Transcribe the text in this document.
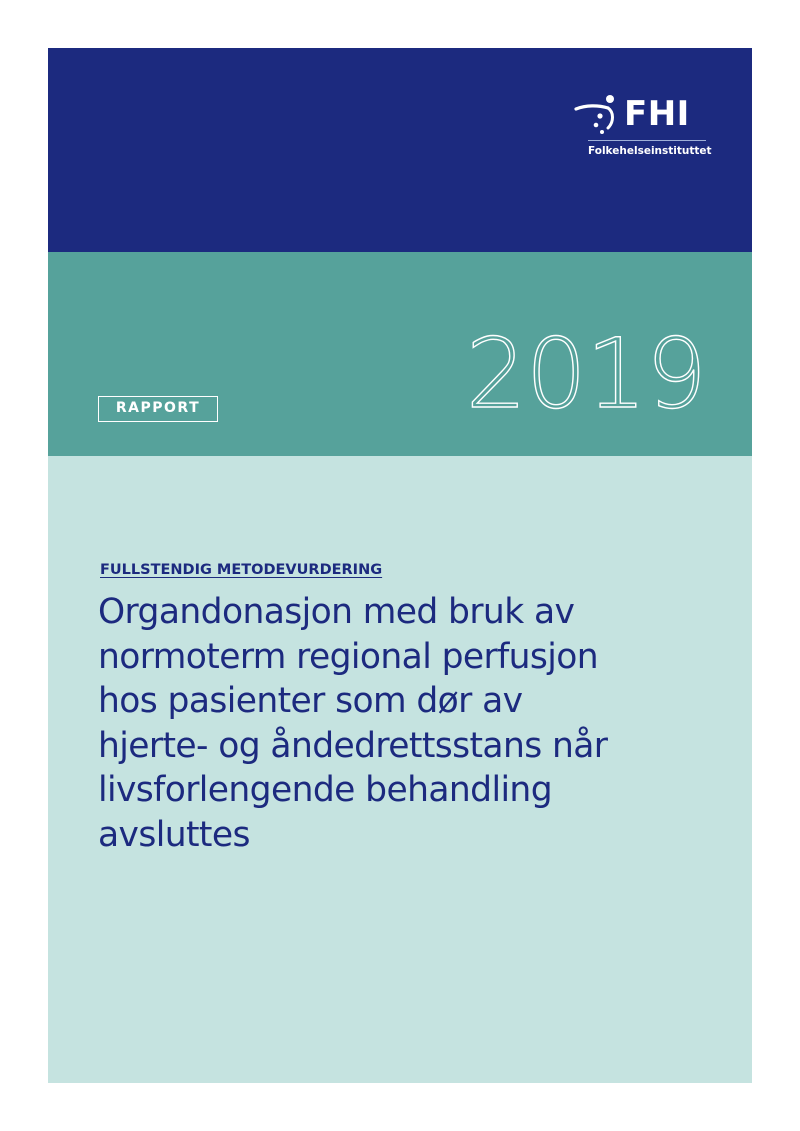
FHI
Folkehelseinstituttet
RAPPORT	2019
FULLSTENDIG METODEVURDERING
Organdonasjon med bruk av
normoterm regional perfusjon
hos pasienter som dør av
hjerte- og åndedrettsstans når
livsforlengende behandling
avsluttes
